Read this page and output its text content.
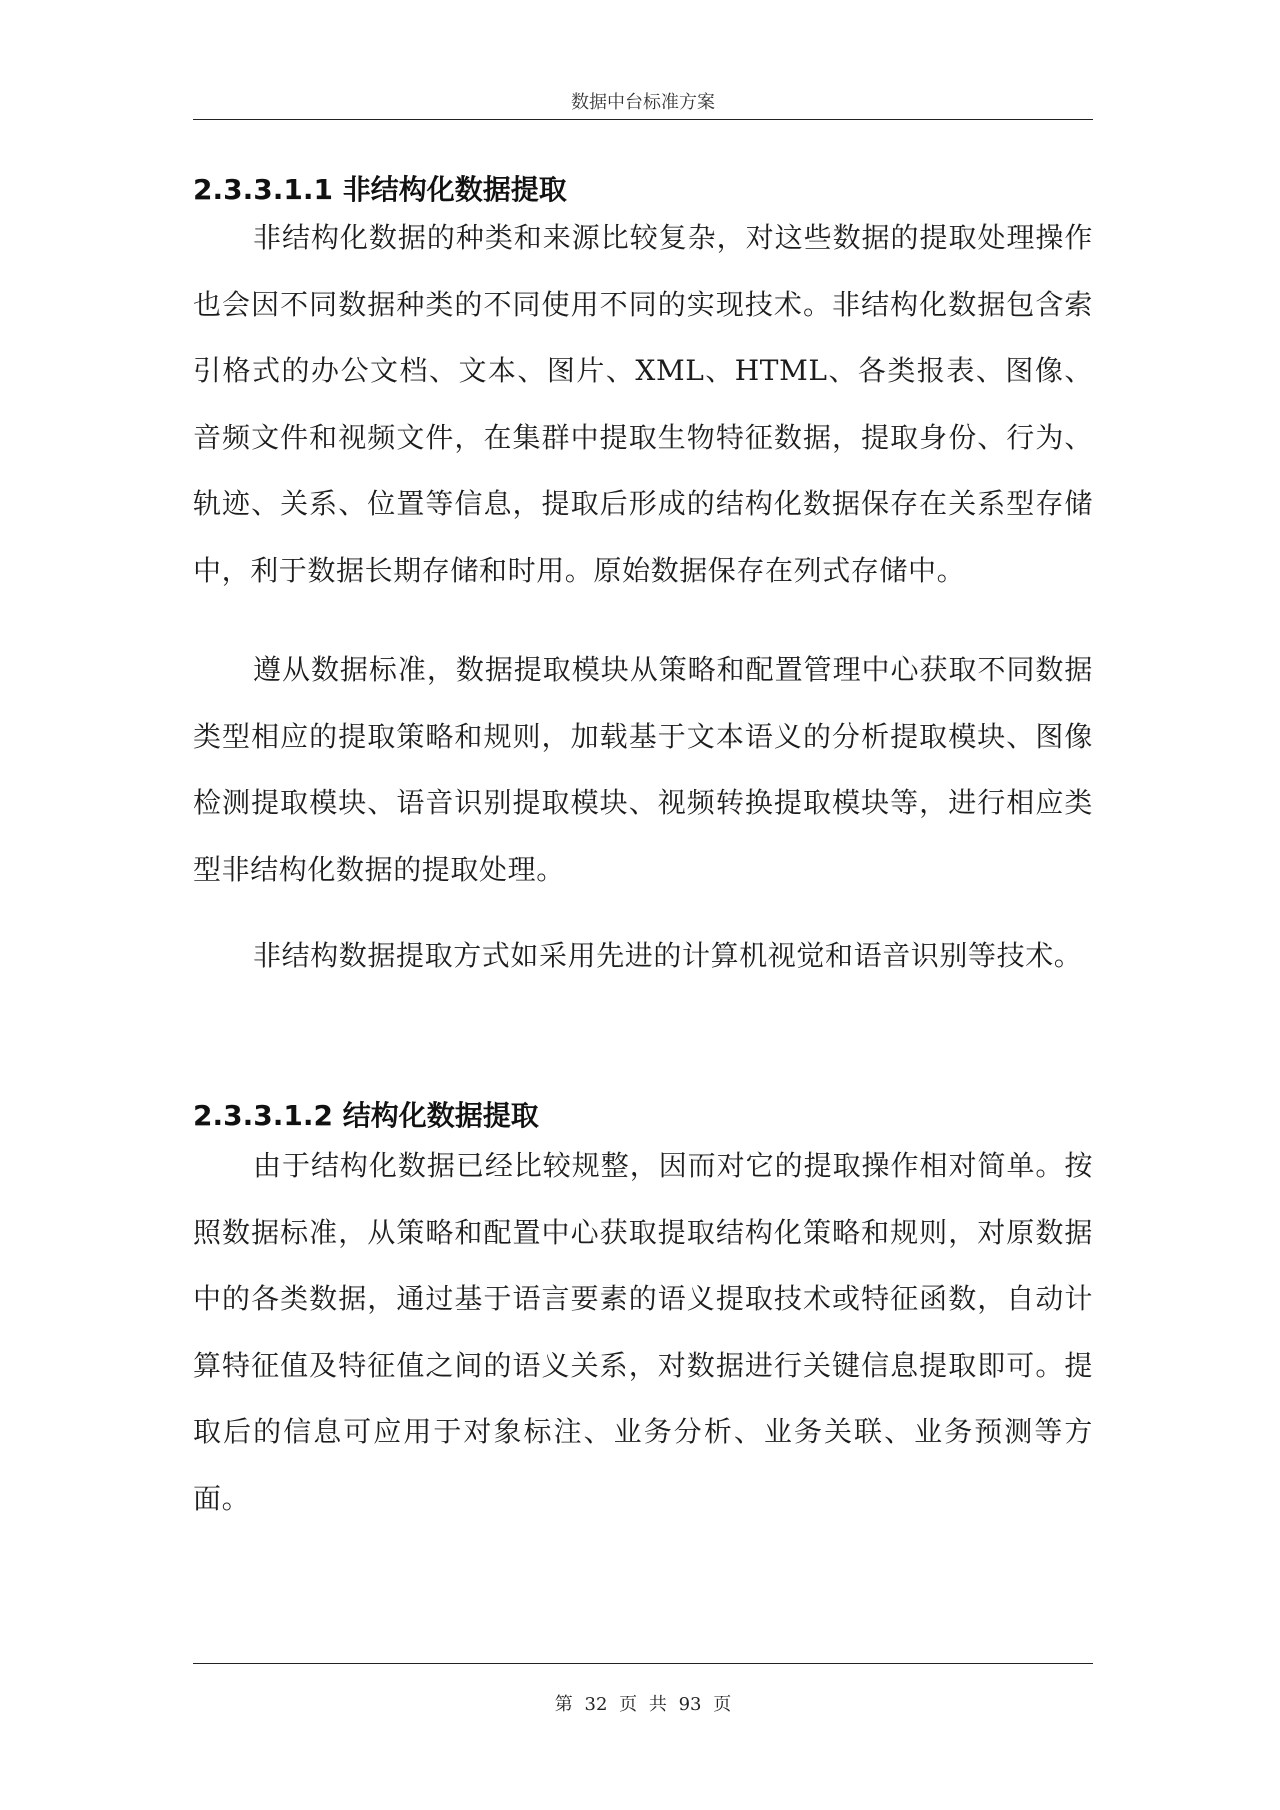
数据中台标准方案
2.3.3.1.1 非结构化数据提取

非结构化数据的种类和来源比较复杂，对这些数据的提取处理操作也会因不同数据种类的不同使用不同的实现技术。非结构化数据包含索引格式的办公文档、文本、图片、XML、HTML、各类报表、图像、音频文件和视频文件，在集群中提取生物特征数据，提取身份、行为、轨迹、关系、位置等信息，提取后形成的结构化数据保存在关系型存储中，利于数据长期存储和时用。原始数据保存在列式存储中。

遵从数据标准，数据提取模块从策略和配置管理中心获取不同数据类型相应的提取策略和规则，加载基于文本语义的分析提取模块、图像检测提取模块、语音识别提取模块、视频转换提取模块等，进行相应类型非结构化数据的提取处理。

非结构数据提取方式如采用先进的计算机视觉和语音识别等技术。

2.3.3.1.2 结构化数据提取

由于结构化数据已经比较规整，因而对它的提取操作相对简单。按照数据标准，从策略和配置中心获取提取结构化策略和规则，对原数据中的各类数据，通过基于语言要素的语义提取技术或特征函数，自动计算特征值及特征值之间的语义关系，对数据进行关键信息提取即可。提取后的信息可应用于对象标注、业务分析、业务关联、业务预测等方面。

第 32 页 共 93 页
